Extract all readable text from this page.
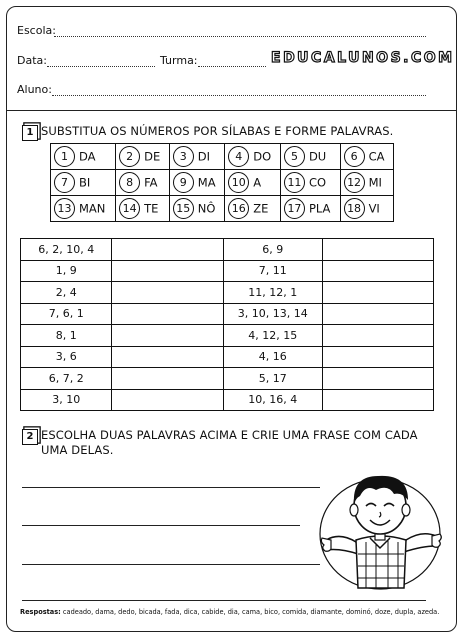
Escola:
Data:	Turma:	EDUCALUNOS.COM
Aluno:
1 SUBSTITUA OS NÚMEROS POR SÍLABAS E FORME PALAVRAS.
1 DA	2 DE	3 DI	4 DO	5 DU	6 CA
7 BI	8 FA	9 MA	10 A	11 CO	12 MI
13 MAN	14 TE	15 NÔ	16 ZE	17 PLA	18 VI
6, 2, 10, 4		6, 9	
1, 9		7, 11	
2, 4		11, 12, 1	
7, 6, 1		3, 10, 13, 14	
8, 1		4, 12, 15	
3, 6		4, 16	
6, 7, 2		5, 17	
3, 10		10, 16, 4	
2 ESCOLHA DUAS PALAVRAS ACIMA E CRIE UMA FRASE COM CADA UMA DELAS.
Respostas: cadeado, dama, dedo, bicada, fada, dica, cabide, dia, cama, bico, comida, diamante, dominó, doze, dupla, azeda.
